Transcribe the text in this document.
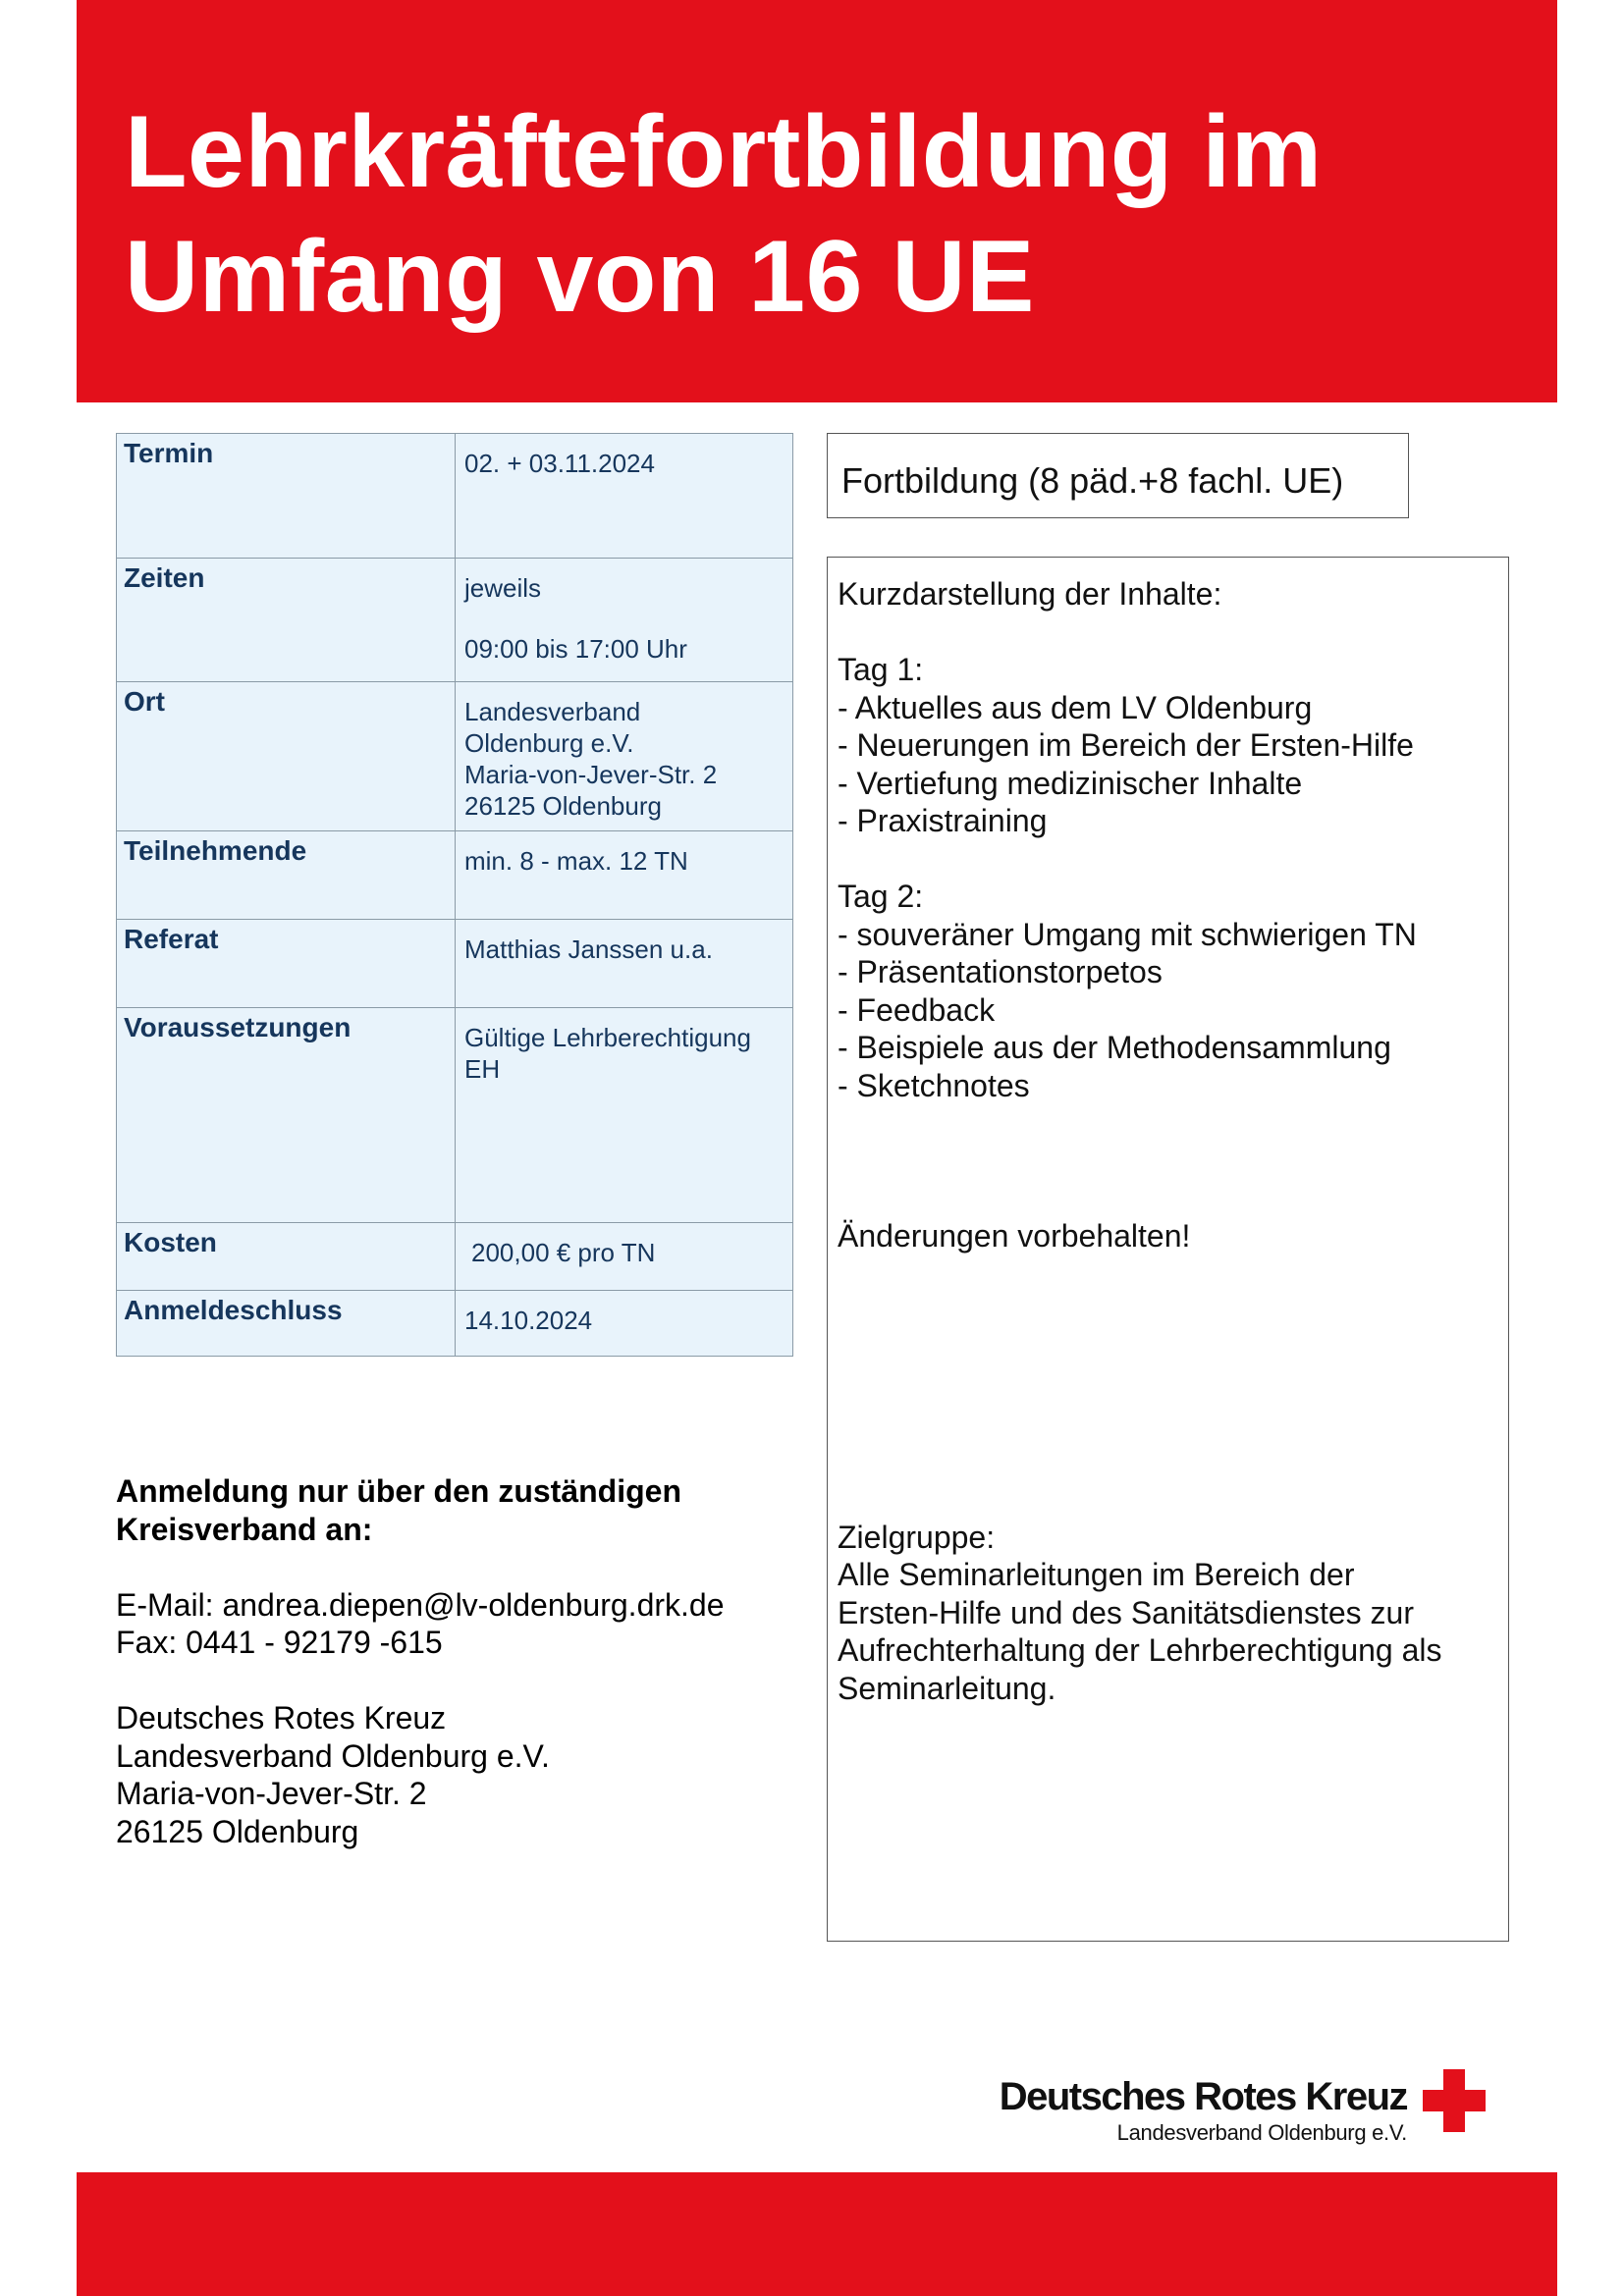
Lehrkräftefortbildung im
Umfang von 16 UE
Termin	02. + 03.11.2024

Zeiten	jeweils
09:00 bis 17:00 Uhr

Ort	Landesverband
Oldenburg e.V.
Maria-von-Jever-Str. 2
26125 Oldenburg

Teilnehmende	min. 8 - max. 12 TN

Referat	Matthias Janssen u.a.

Voraussetzungen	Gültige Lehrberechtigung
EH

Kosten	200,00 € pro TN

Anmeldeschluss	14.10.2024
Fortbildung (8 päd.+8 fachl. UE)
Kurzdarstellung der Inhalte:
Tag 1:
- Aktuelles aus dem LV Oldenburg
- Neuerungen im Bereich der Ersten-Hilfe
- Vertiefung medizinischer Inhalte
- Praxistraining
Tag 2:
- souveräner Umgang mit schwierigen TN
- Präsentationstorpetos
- Feedback
- Beispiele aus der Methodensammlung
- Sketchnotes
Änderungen vorbehalten!
Zielgruppe:
Alle Seminarleitungen im Bereich der
Ersten-Hilfe und des Sanitätsdienstes zur
Aufrechterhaltung der Lehrberechtigung als
Seminarleitung.
Anmeldung nur über den zuständigen
Kreisverband an:
E-Mail: andrea.diepen@lv-oldenburg.drk.de
Fax: 0441 - 92179 -615
Deutsches Rotes Kreuz
Landesverband Oldenburg e.V.
Maria-von-Jever-Str. 2
26125 Oldenburg
Deutsches Rotes Kreuz
Landesverband Oldenburg e.V.
